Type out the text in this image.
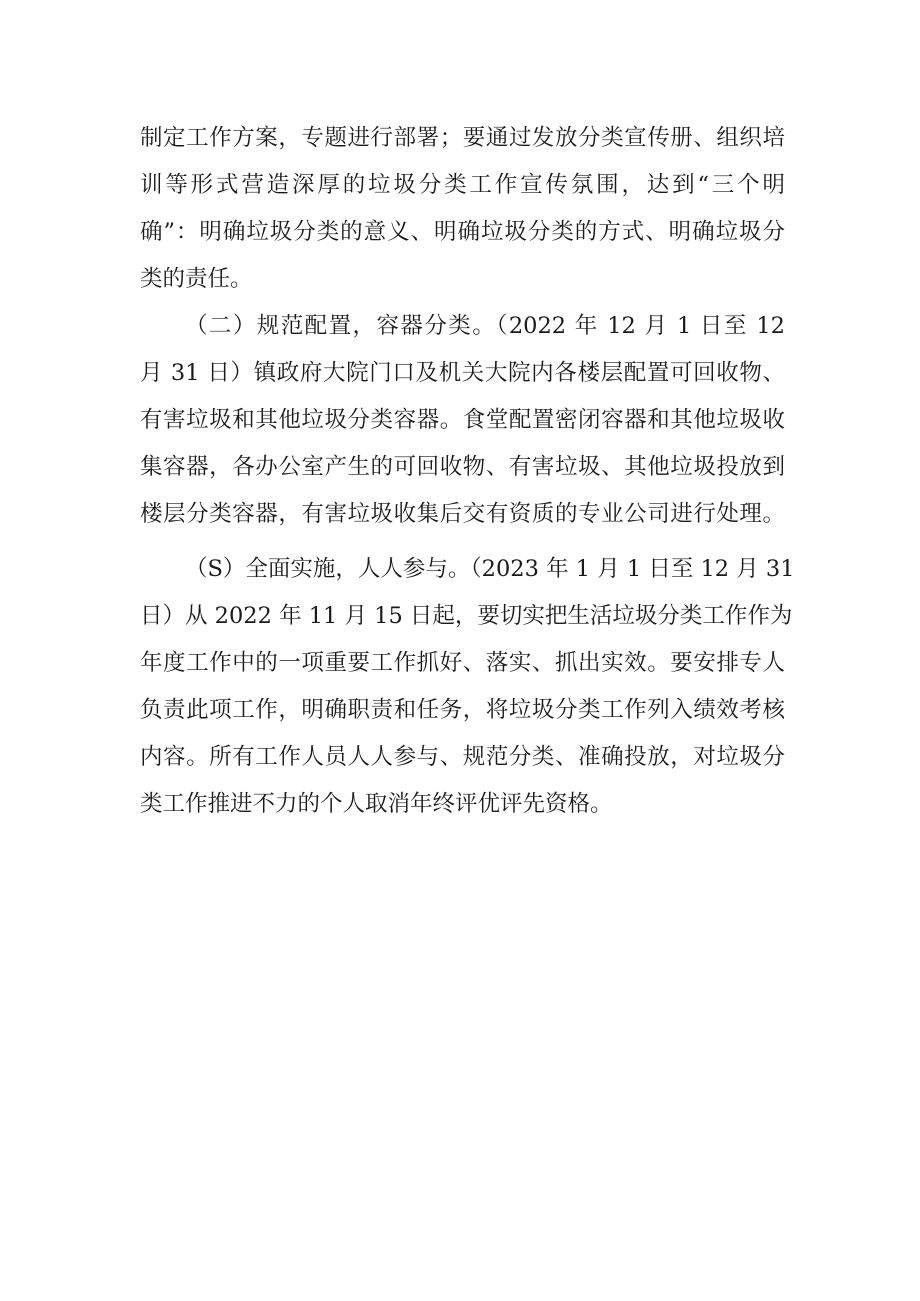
制定工作方案，专题进行部署；要通过发放分类宣传册、组织培
训等形式营造深厚的垃圾分类工作宣传氛围，达到“三个明
确”：明确垃圾分类的意义、明确垃圾分类的方式、明确垃圾分
类的责任。
（二）规范配置，容器分类。（2022 年 12 月 1 日至 12
月 31 日）镇政府大院门口及机关大院内各楼层配置可回收物、
有害垃圾和其他垃圾分类容器。食堂配置密闭容器和其他垃圾收
集容器，各办公室产生的可回收物、有害垃圾、其他垃圾投放到
楼层分类容器，有害垃圾收集后交有资质的专业公司进行处理。
（S）全面实施，人人参与。（2023 年 1 月 1 日至 12 月 31
日）从 2022 年 11 月 15 日起，要切实把生活垃圾分类工作作为
年度工作中的一项重要工作抓好、落实、抓出实效。要安排专人
负责此项工作，明确职责和任务，将垃圾分类工作列入绩效考核
内容。所有工作人员人人参与、规范分类、准确投放，对垃圾分
类工作推进不力的个人取消年终评优评先资格。
